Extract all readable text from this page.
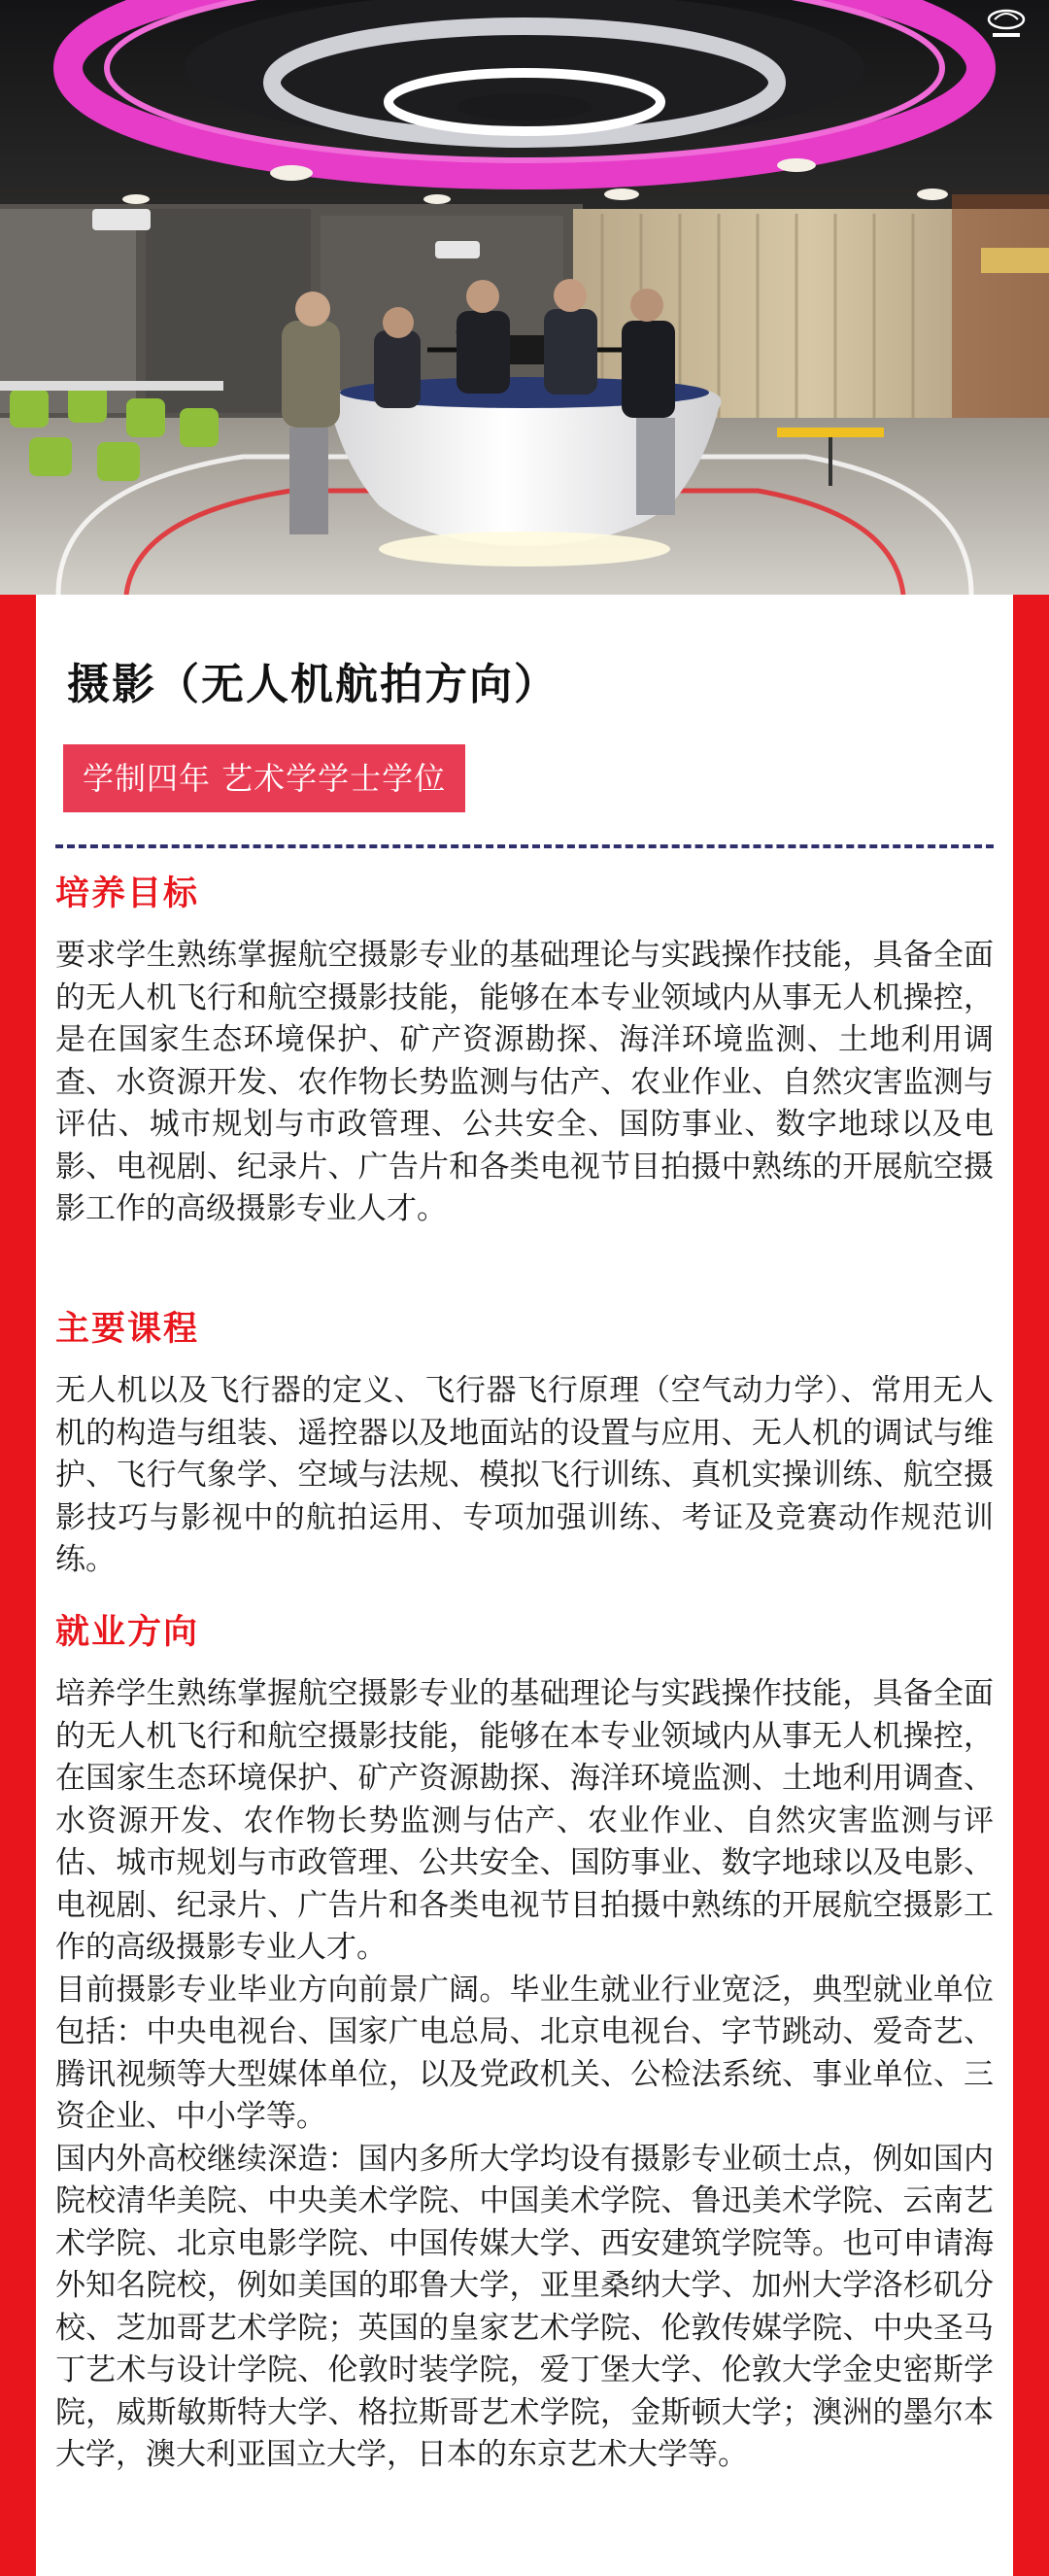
摄影（无人机航拍方向）
学制四年 艺术学学士学位
培养目标

要求学生熟练掌握航空摄影专业的基础理论与实践操作技能，具备全面的无人机飞行和航空摄影技能，能够在本专业领域内从事无人机操控，是在国家生态环境保护、矿产资源勘探、海洋环境监测、土地利用调查、水资源开发、农作物长势监测与估产、农业作业、自然灾害监测与评估、城市规划与市政管理、公共安全、国防事业、数字地球以及电影、电视剧、纪录片、广告片和各类电视节目拍摄中熟练的开展航空摄影工作的高级摄影专业人才。

主要课程

无人机以及飞行器的定义、飞行器飞行原理（空气动力学）、常用无人机的构造与组装、遥控器以及地面站的设置与应用、无人机的调试与维护、飞行气象学、空域与法规、模拟飞行训练、真机实操训练、航空摄影技巧与影视中的航拍运用、专项加强训练、考证及竞赛动作规范训练。

就业方向
培养学生熟练掌握航空摄影专业的基础理论与实践操作技能，具备全面的无人机飞行和航空摄影技能，能够在本专业领域内从事无人机操控，在国家生态环境保护、矿产资源勘探、海洋环境监测、土地利用调查、水资源开发、农作物长势监测与估产、农业作业、自然灾害监测与评估、城市规划与市政管理、公共安全、国防事业、数字地球以及电影、电视剧、纪录片、广告片和各类电视节目拍摄中熟练的开展航空摄影工作的高级摄影专业人才。
目前摄影专业毕业方向前景广阔。毕业生就业行业宽泛，典型就业单位包括：中央电视台、国家广电总局、北京电视台、字节跳动、爱奇艺、腾讯视频等大型媒体单位，以及党政机关、公检法系统、事业单位、三资企业、中小学等。
国内外高校继续深造：国内多所大学均设有摄影专业硕士点，例如国内院校清华美院、中央美术学院、中国美术学院、鲁迅美术学院、云南艺术学院、北京电影学院、中国传媒大学、西安建筑学院等。也可申请海外知名院校，例如美国的耶鲁大学，亚里桑纳大学、加州大学洛杉矶分校、芝加哥艺术学院；英国的皇家艺术学院、伦敦传媒学院、中央圣马丁艺术与设计学院、伦敦时装学院，爱丁堡大学、伦敦大学金史密斯学院，威斯敏斯特大学、格拉斯哥艺术学院，金斯顿大学；澳洲的墨尔本大学，澳大利亚国立大学，日本的东京艺术大学等。
